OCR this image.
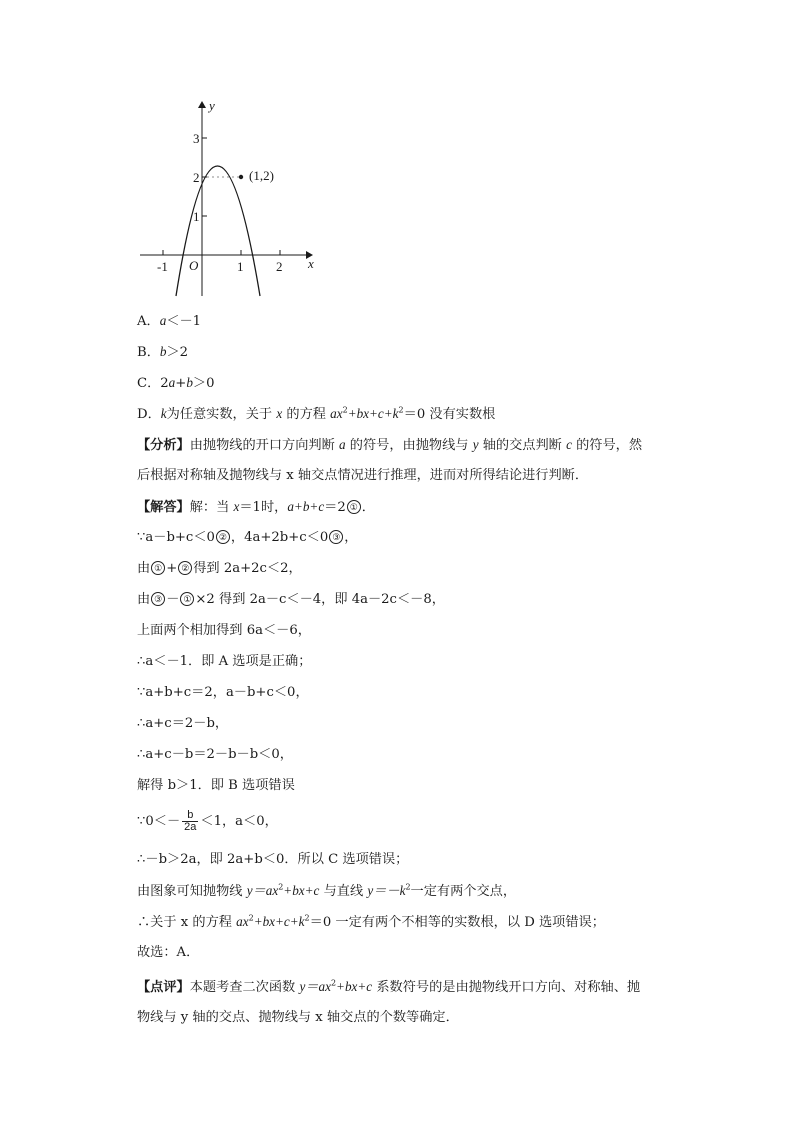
y
x
O
3
2
1
-1	1	2
(1,2)
A．a＜－1
B．b＞2
C．2a+b＞0
D．k为任意实数，关于 x 的方程 $ax^2+bx+c+k^2=0$ 没有实数根
【分析】由抛物线的开口方向判断 a 的符号，由抛物线与 y 轴的交点判断 c 的符号，然
后根据对称轴及抛物线与 x 轴交点情况进行推理，进而对所得结论进行判断．
【解答】解：当 x＝1时，a+b+c＝2 ① ．
∵a－b+c＜0 ② ，4a+2b+c＜0 ③ ，
由 ① + ② 得到 2a+2c＜2，
由 ③ － ① ×2 得到 2a－c＜－4，即 4a－2c＜－8，
上面两个相加得到 6a＜－6，
∴a＜－1．即 A 选项是正确；
∵a+b+c＝2，a－b+c＜0，
∴a+c＝2－b，
∴a+c－b＝2－b－b＜0，
解得 b＞1．即 B 选项错误
∵0＜－ $\frac{b}{2a} <1$，a＜0，
∴－b＞2a，即 2a+b＜0．所以 C 选项错误；
由图象可知抛物线 $y=ax^2+bx+c$ 与直线 $y=-k^2$一定有两个交点，
∴关于 x 的方程 $ax^2+bx+c+k^2=0$ 一定有两个不相等的实数根，以 D 选项错误；
故选：A．
【点评】本题考查二次函数 $y=ax^2+bx+c$ 系数符号的是由抛物线开口方向、对称轴、抛
物线与 y 轴的交点、抛物线与 x 轴交点的个数等确定．
